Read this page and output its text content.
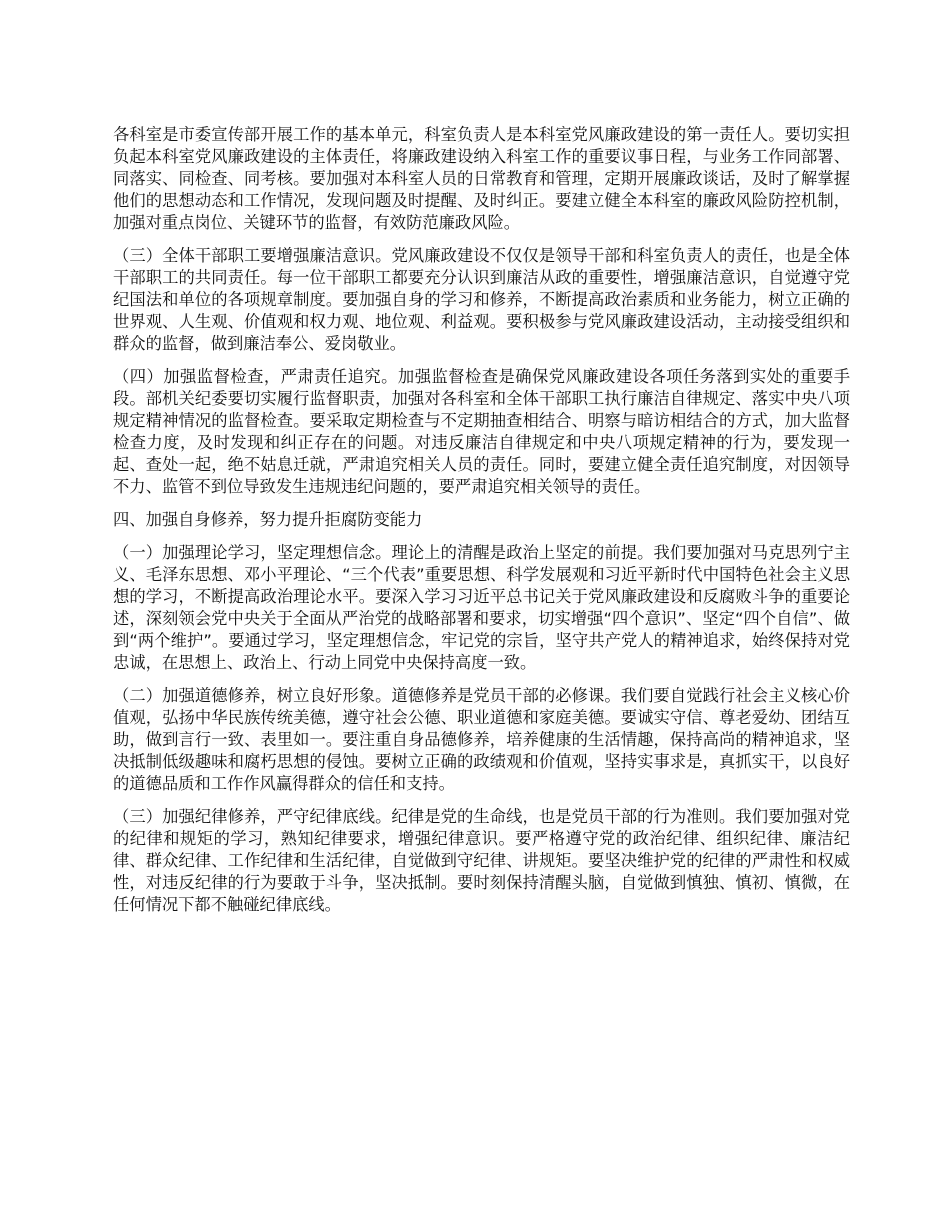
各科室是市委宣传部开展工作的基本单元，科室负责人是本科室党风廉政建设的第一责任人。要切实担负起本科室党风廉政建设的主体责任，将廉政建设纳入科室工作的重要议事日程，与业务工作同部署、同落实、同检查、同考核。要加强对本科室人员的日常教育和管理，定期开展廉政谈话，及时了解掌握他们的思想动态和工作情况，发现问题及时提醒、及时纠正。要建立健全本科室的廉政风险防控机制，加强对重点岗位、关键环节的监督，有效防范廉政风险。

（三）全体干部职工要增强廉洁意识。党风廉政建设不仅仅是领导干部和科室负责人的责任，也是全体干部职工的共同责任。每一位干部职工都要充分认识到廉洁从政的重要性，增强廉洁意识，自觉遵守党纪国法和单位的各项规章制度。要加强自身的学习和修养，不断提高政治素质和业务能力，树立正确的世界观、人生观、价值观和权力观、地位观、利益观。要积极参与党风廉政建设活动，主动接受组织和群众的监督，做到廉洁奉公、爱岗敬业。

（四）加强监督检查，严肃责任追究。加强监督检查是确保党风廉政建设各项任务落到实处的重要手段。部机关纪委要切实履行监督职责，加强对各科室和全体干部职工执行廉洁自律规定、落实中央八项规定精神情况的监督检查。要采取定期检查与不定期抽查相结合、明察与暗访相结合的方式，加大监督检查力度，及时发现和纠正存在的问题。对违反廉洁自律规定和中央八项规定精神的行为，要发现一起、查处一起，绝不姑息迁就，严肃追究相关人员的责任。同时，要建立健全责任追究制度，对因领导不力、监管不到位导致发生违规违纪问题的，要严肃追究相关领导的责任。

四、加强自身修养，努力提升拒腐防变能力

（一）加强理论学习，坚定理想信念。理论上的清醒是政治上坚定的前提。我们要加强对马克思列宁主义、毛泽东思想、邓小平理论、“三个代表”重要思想、科学发展观和习近平新时代中国特色社会主义思想的学习，不断提高政治理论水平。要深入学习习近平总书记关于党风廉政建设和反腐败斗争的重要论述，深刻领会党中央关于全面从严治党的战略部署和要求，切实增强“四个意识”、坚定“四个自信”、做到“两个维护”。要通过学习，坚定理想信念，牢记党的宗旨，坚守共产党人的精神追求，始终保持对党忠诚，在思想上、政治上、行动上同党中央保持高度一致。

（二）加强道德修养，树立良好形象。道德修养是党员干部的必修课。我们要自觉践行社会主义核心价值观，弘扬中华民族传统美德，遵守社会公德、职业道德和家庭美德。要诚实守信、尊老爱幼、团结互助，做到言行一致、表里如一。要注重自身品德修养，培养健康的生活情趣，保持高尚的精神追求，坚决抵制低级趣味和腐朽思想的侵蚀。要树立正确的政绩观和价值观，坚持实事求是，真抓实干，以良好的道德品质和工作作风赢得群众的信任和支持。

（三）加强纪律修养，严守纪律底线。纪律是党的生命线，也是党员干部的行为准则。我们要加强对党的纪律和规矩的学习，熟知纪律要求，增强纪律意识。要严格遵守党的政治纪律、组织纪律、廉洁纪律、群众纪律、工作纪律和生活纪律，自觉做到守纪律、讲规矩。要坚决维护党的纪律的严肃性和权威性，对违反纪律的行为要敢于斗争，坚决抵制。要时刻保持清醒头脑，自觉做到慎独、慎初、慎微，在任何情况下都不触碰纪律底线。
